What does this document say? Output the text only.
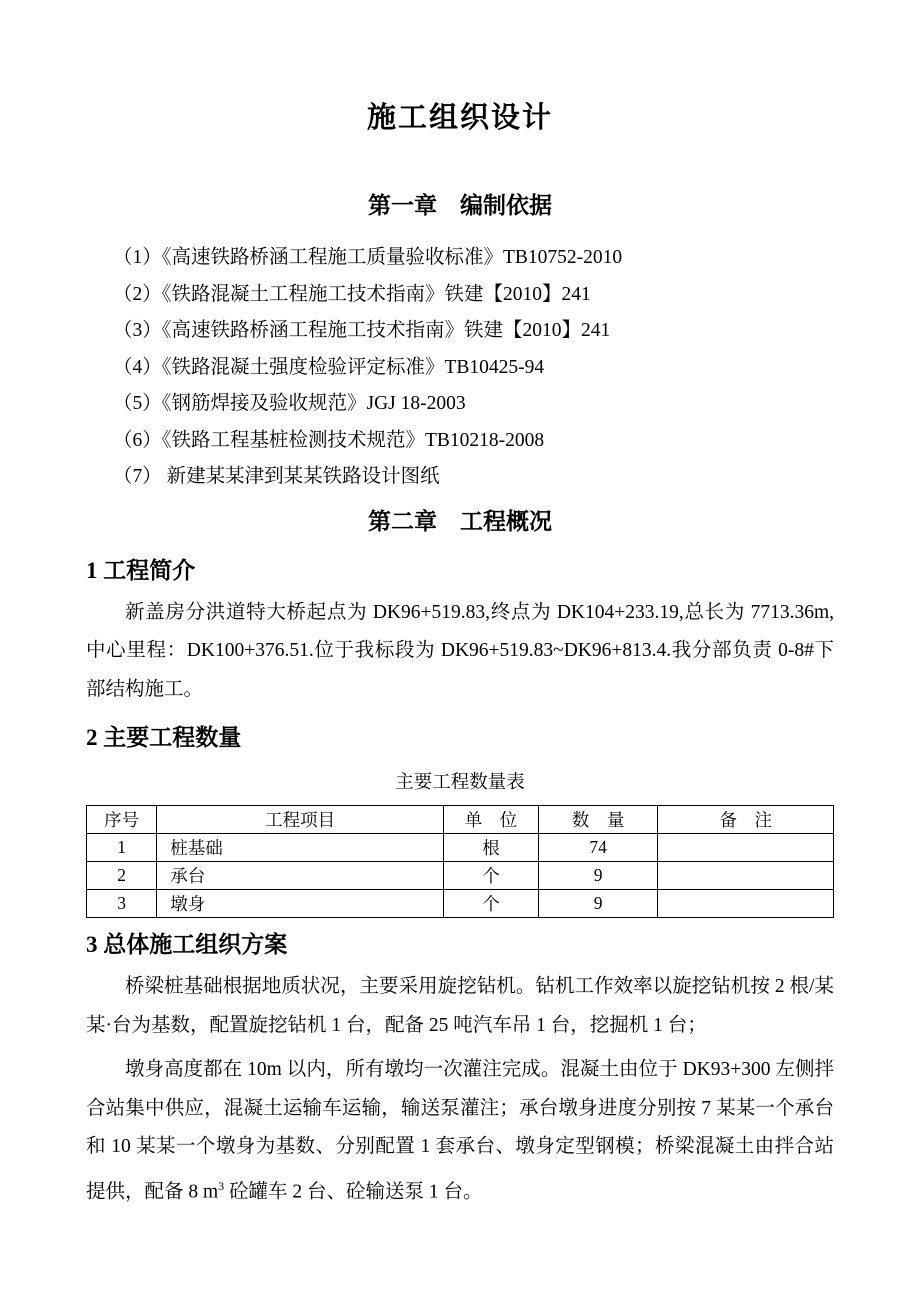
施工组织设计
第一章　编制依据

（1）《高速铁路桥涵工程施工质量验收标准》TB10752-2010

（2）《铁路混凝土工程施工技术指南》铁建【2010】241

（3）《高速铁路桥涵工程施工技术指南》铁建【2010】241

（4）《铁路混凝土强度检验评定标准》TB10425-94

（5）《钢筋焊接及验收规范》JGJ 18-2003

（6）《铁路工程基桩检测技术规范》TB10218-2008

（7） 新建某某津到某某铁路设计图纸

第二章　工程概况
1 工程简介

新盖房分洪道特大桥起点为 DK96+519.83,终点为 DK104+233.19,总长为 7713.36m,中心里程：DK100+376.51.位于我标段为 DK96+519.83~DK96+813.4.我分部负责 0-8#下部结构施工。

2 主要工程数量

主要工程数量表

序号	工程项目	单　位	数　量	备　注
1	桩基础	根	74	
2	承台	个	9	
3	墩身	个	9	
3 总体施工组织方案

桥梁桩基础根据地质状况，主要采用旋挖钻机。钻机工作效率以旋挖钻机按 2 根/某某·台为基数，配置旋挖钻机 1 台，配备 25 吨汽车吊 1 台，挖掘机 1 台；

墩身高度都在 10m 以内，所有墩均一次灌注完成。混凝土由位于 DK93+300 左侧拌合站集中供应，混凝土运输车运输，输送泵灌注；承台墩身进度分别按 7 某某一个承台和 10 某某一个墩身为基数、分别配置 1 套承台、墩身定型钢模；桥梁混凝土由拌合站提供，配备 8 $m^3$ 砼罐车 2 台、砼输送泵 1 台。
